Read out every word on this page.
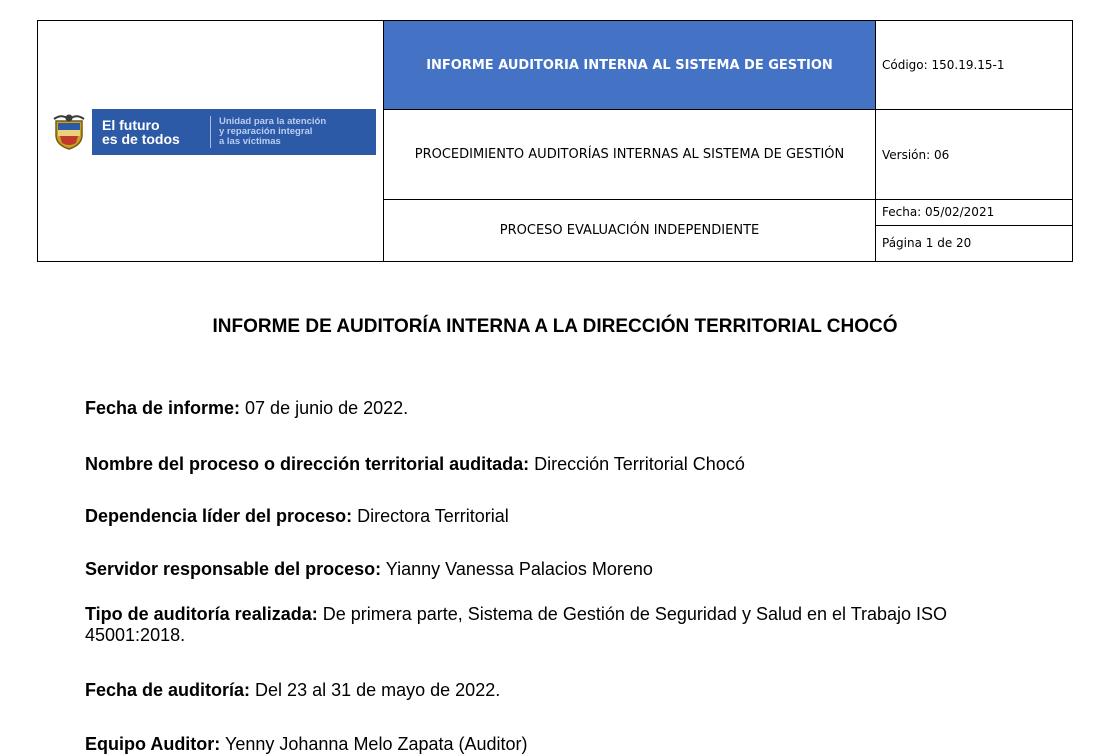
El futuro
es de todos
Unidad para la atención
y reparación integral
a las víctimas	INFORME AUDITORIA INTERNA AL SISTEMA DE GESTION	Código: 150.19.15-1
	PROCEDIMIENTO AUDITORÍAS INTERNAS AL SISTEMA DE GESTIÓN	Versión: 06
	PROCESO EVALUACIÓN INDEPENDIENTE	Fecha: 05/02/2021
		Página 1 de 20
INFORME DE AUDITORÍA INTERNA A LA DIRECCIÓN TERRITORIAL CHOCÓ
Fecha de informe: 07 de junio de 2022.
Nombre del proceso o dirección territorial auditada: Dirección Territorial Chocó
Dependencia líder del proceso: Directora Territorial
Servidor responsable del proceso: Yianny Vanessa Palacios Moreno
Tipo de auditoría realizada: De primera parte, Sistema de Gestión de Seguridad y Salud en el Trabajo ISO 45001:2018.
Fecha de auditoría: Del 23 al 31 de mayo de 2022.
Equipo Auditor: Yenny Johanna Melo Zapata (Auditor)
